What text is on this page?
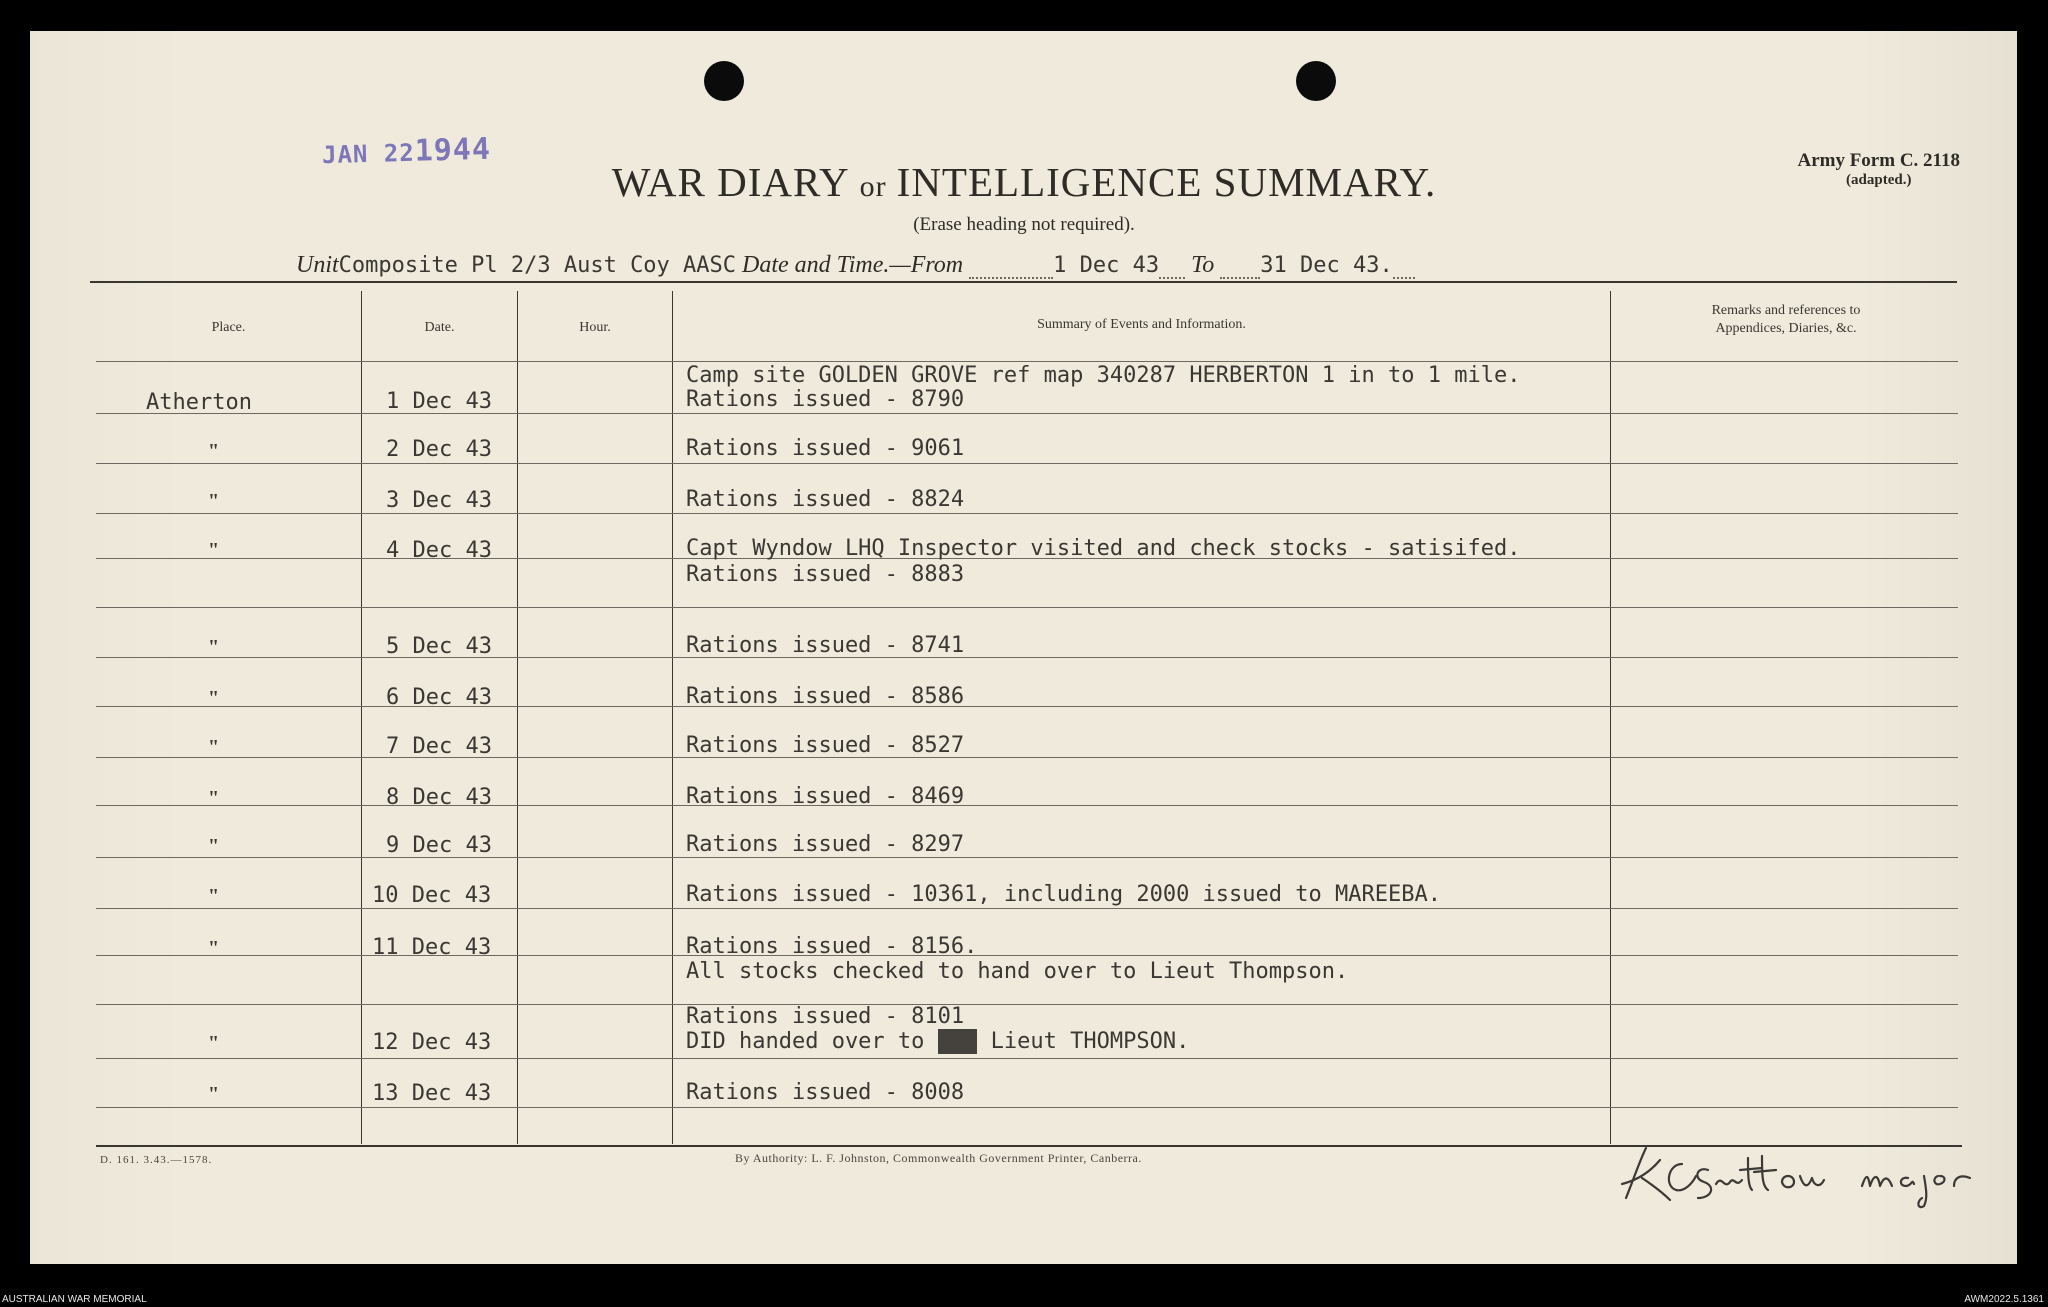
JAN 221944
WAR DIARY or INTELLIGENCE SUMMARY.
(Erase heading not required).
Army Form C. 2118
(adapted.)
UnitComposite Pl 2/3 Aust Coy AASC Date and Time.—From	1 Dec 43 To 31 Dec 43.
Place.	Date.	Hour.	Summary of Events and Information.
Remarks and references to
Appendices, Diaries, &c.
Atherton	1 Dec 43
Camp site GOLDEN GROVE ref map 340287 HERBERTON 1 in to 1 mile.
Rations issued - 8790
"	2 Dec 43	Rations issued - 9061
"	3 Dec 43	Rations issued - 8824
"	4 Dec 43	Capt Wyndow LHQ Inspector visited and check stocks - satisifed.
Rations issued - 8883
"	5 Dec 43	Rations issued - 8741
"	6 Dec 43	Rations issued - 8586
"	7 Dec 43	Rations issued - 8527
"	8 Dec 43	Rations issued - 8469
"	9 Dec 43	Rations issued - 8297
"	10 Dec 43	Rations issued - 10361, including 2000 issued to MAREEBA.
"	11 Dec 43	Rations issued - 8156.
All stocks checked to hand over to Lieut Thompson.
Rations issued - 8101
"	12 Dec 43	DID handed over to xxx Lieut THOMPSON.
"	13 Dec 43	Rations issued - 8008
D. 161. 3.43.—1578.	By Authority: L. F. Johnston, Commonwealth Government Printer, Canberra.
AUSTRALIAN WAR MEMORIAL	AWM2022.5.1361
